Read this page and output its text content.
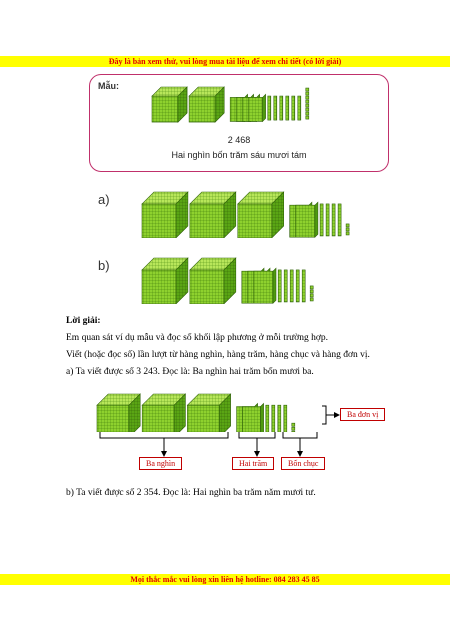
Đây là bản xem thử, vui lòng mua tài liệu để xem chi tiết (có lời giải)
Mẫu:
2 468
Hai nghìn bốn trăm sáu mươi tám
a)
b)
Lời giải:
Em quan sát ví dụ mẫu và đọc số khối lập phương ở mỗi trường hợp.
Viết (hoặc đọc số) lần lượt từ hàng nghìn, hàng trăm, hàng chục và hàng đơn vị.
a) Ta viết được số 3 243. Đọc là: Ba nghìn hai trăm bốn mươi ba.
Ba đơn vị
Ba nghìn	Hai trăm	Bốn chục
b) Ta viết được số 2 354. Đọc là: Hai nghìn ba trăm năm mươi tư.
Mọi thắc mắc vui lòng xin liên hệ hotline: 084 283 45 85
